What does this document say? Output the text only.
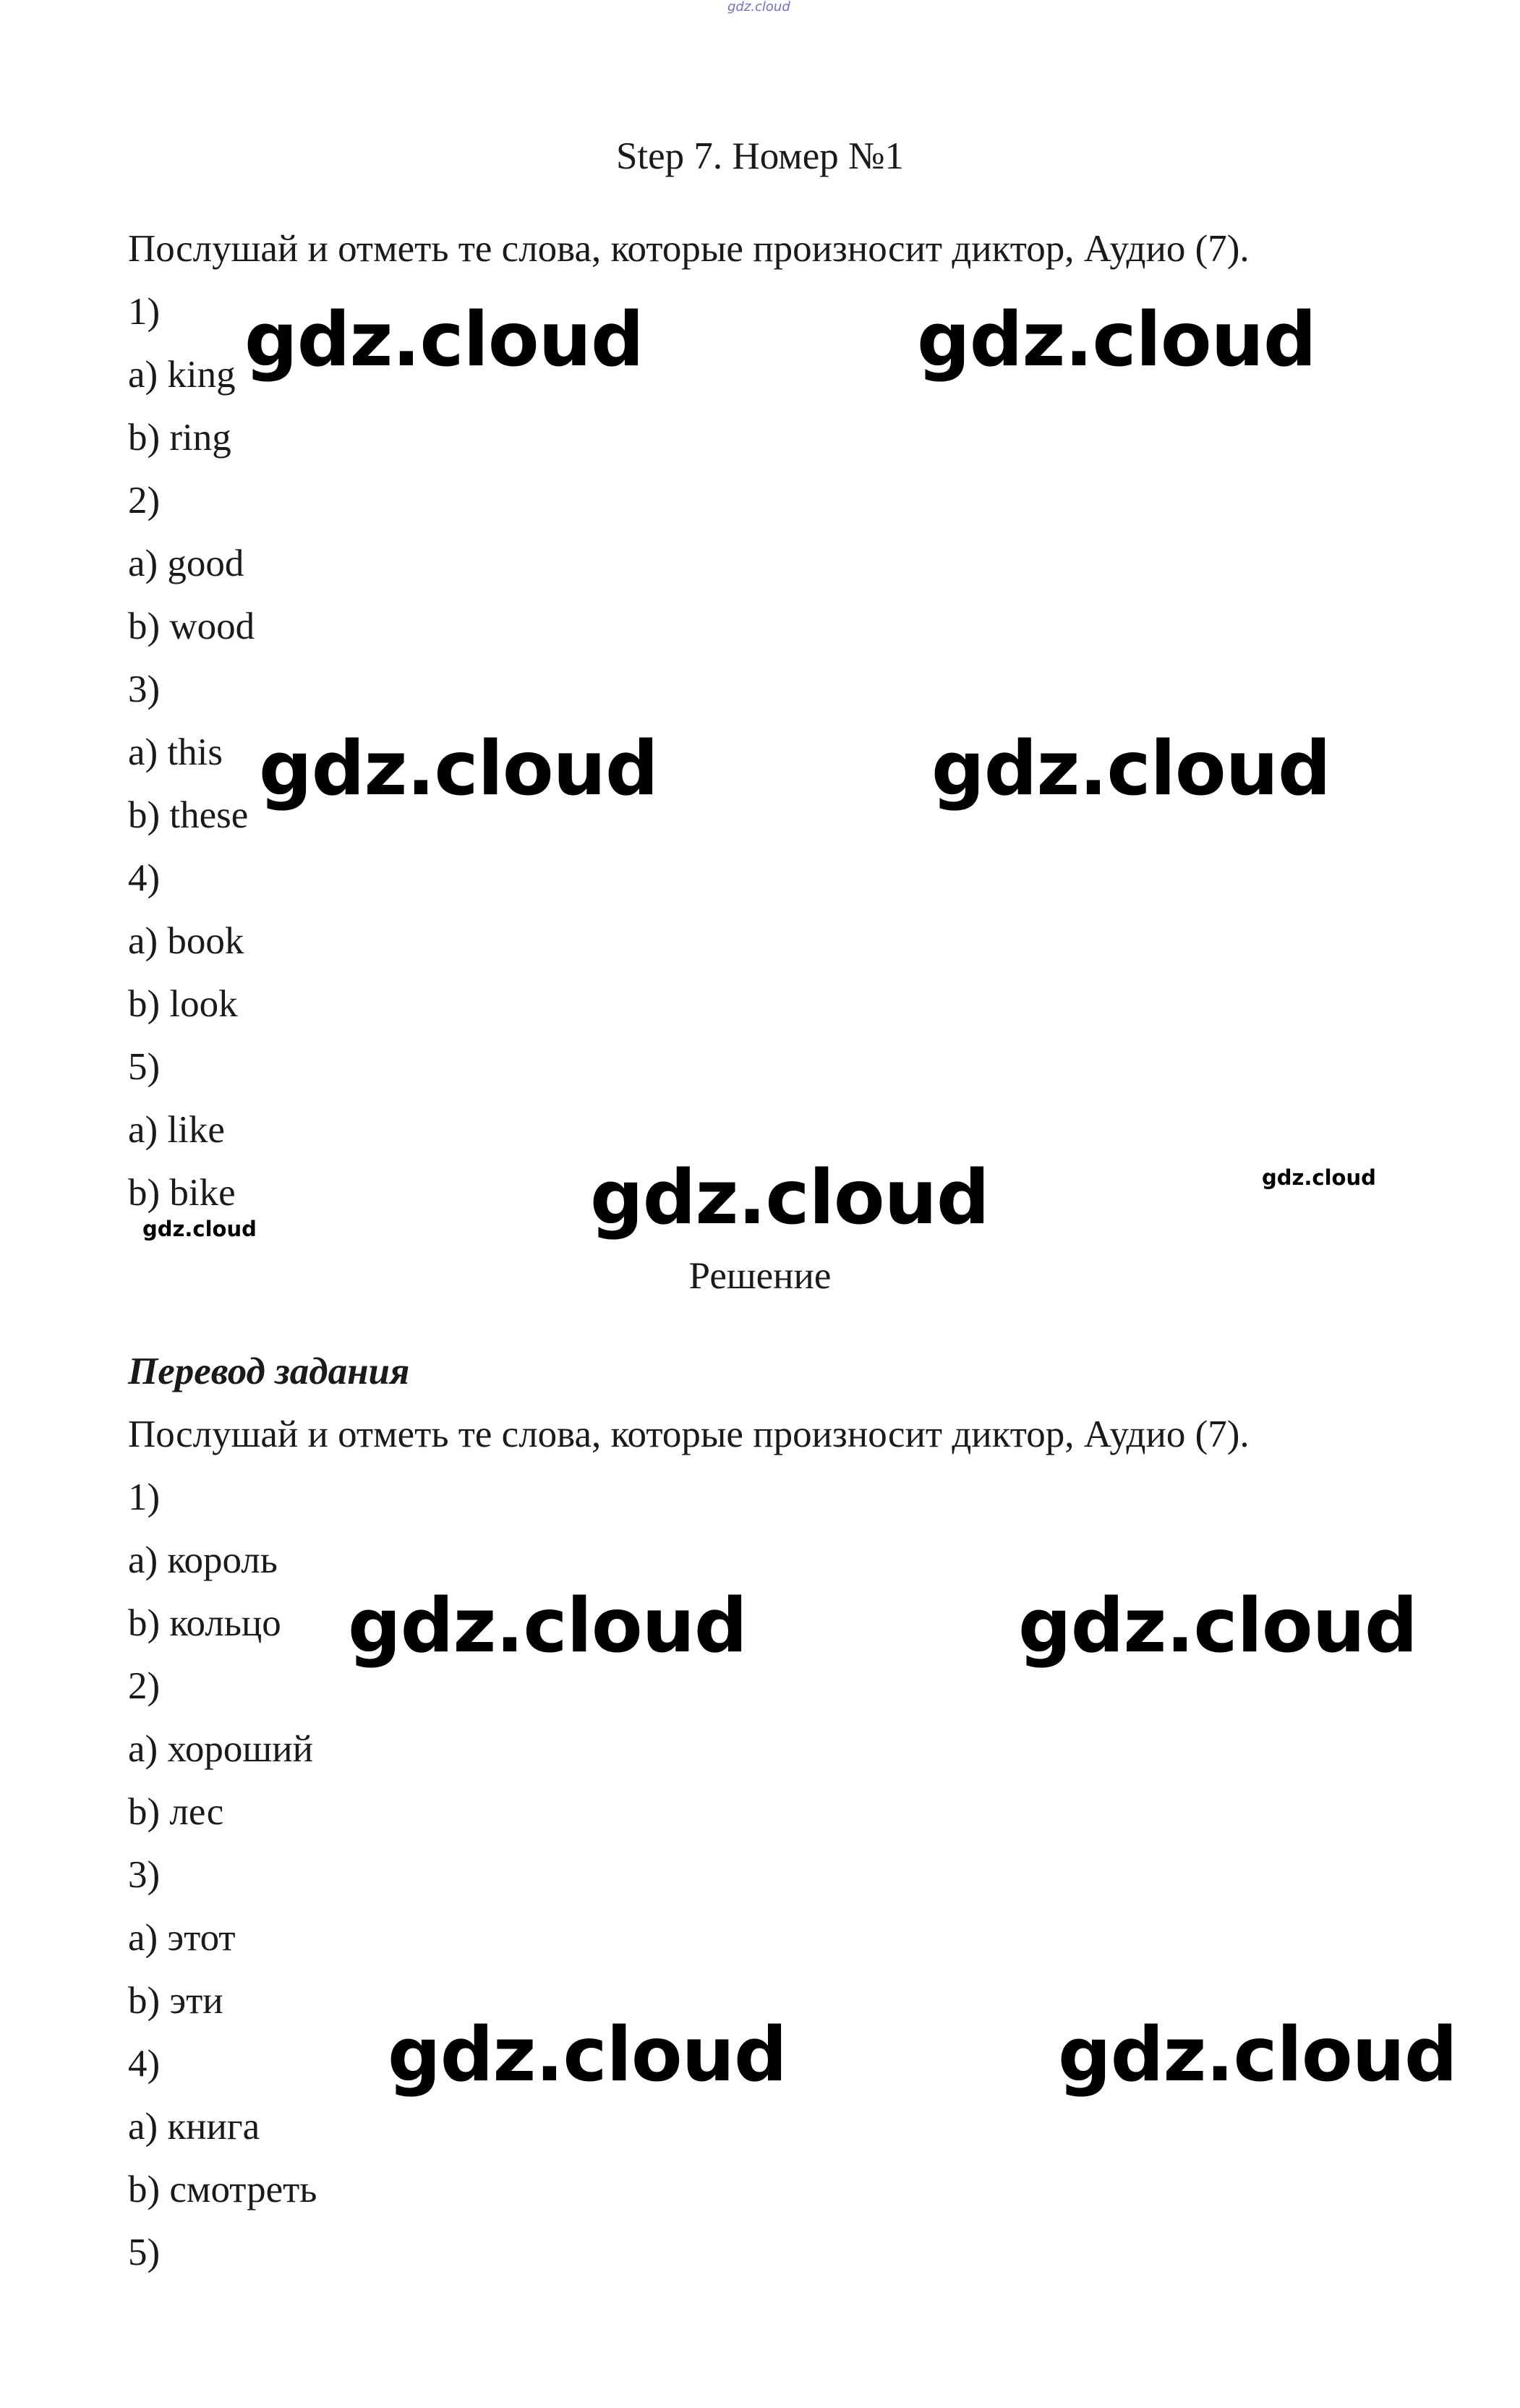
gdz.cloud
Step 7. Номер №1
Послушай и отметь те слова, которые произносит диктор, Аудио (7).
1)
a) king
b) ring
2)
a) good
b) wood
3)
a) this
b) these
4)
a) book
b) look
5)
a) like
b) bike
Решение
Перевод задания
Послушай и отметь те слова, которые произносит диктор, Аудио (7).
1)
a) король
b) кольцо
2)
a) хороший
b) лес
3)
a) этот
b) эти
4)
a) книга
b) смотреть
5)
gdz.cloud	gdz.cloud
gdz.cloud	gdz.cloud
gdz.cloud
gdz.cloud	gdz.cloud
gdz.cloud	gdz.cloud
gdz.cloud
gdz.cloud
